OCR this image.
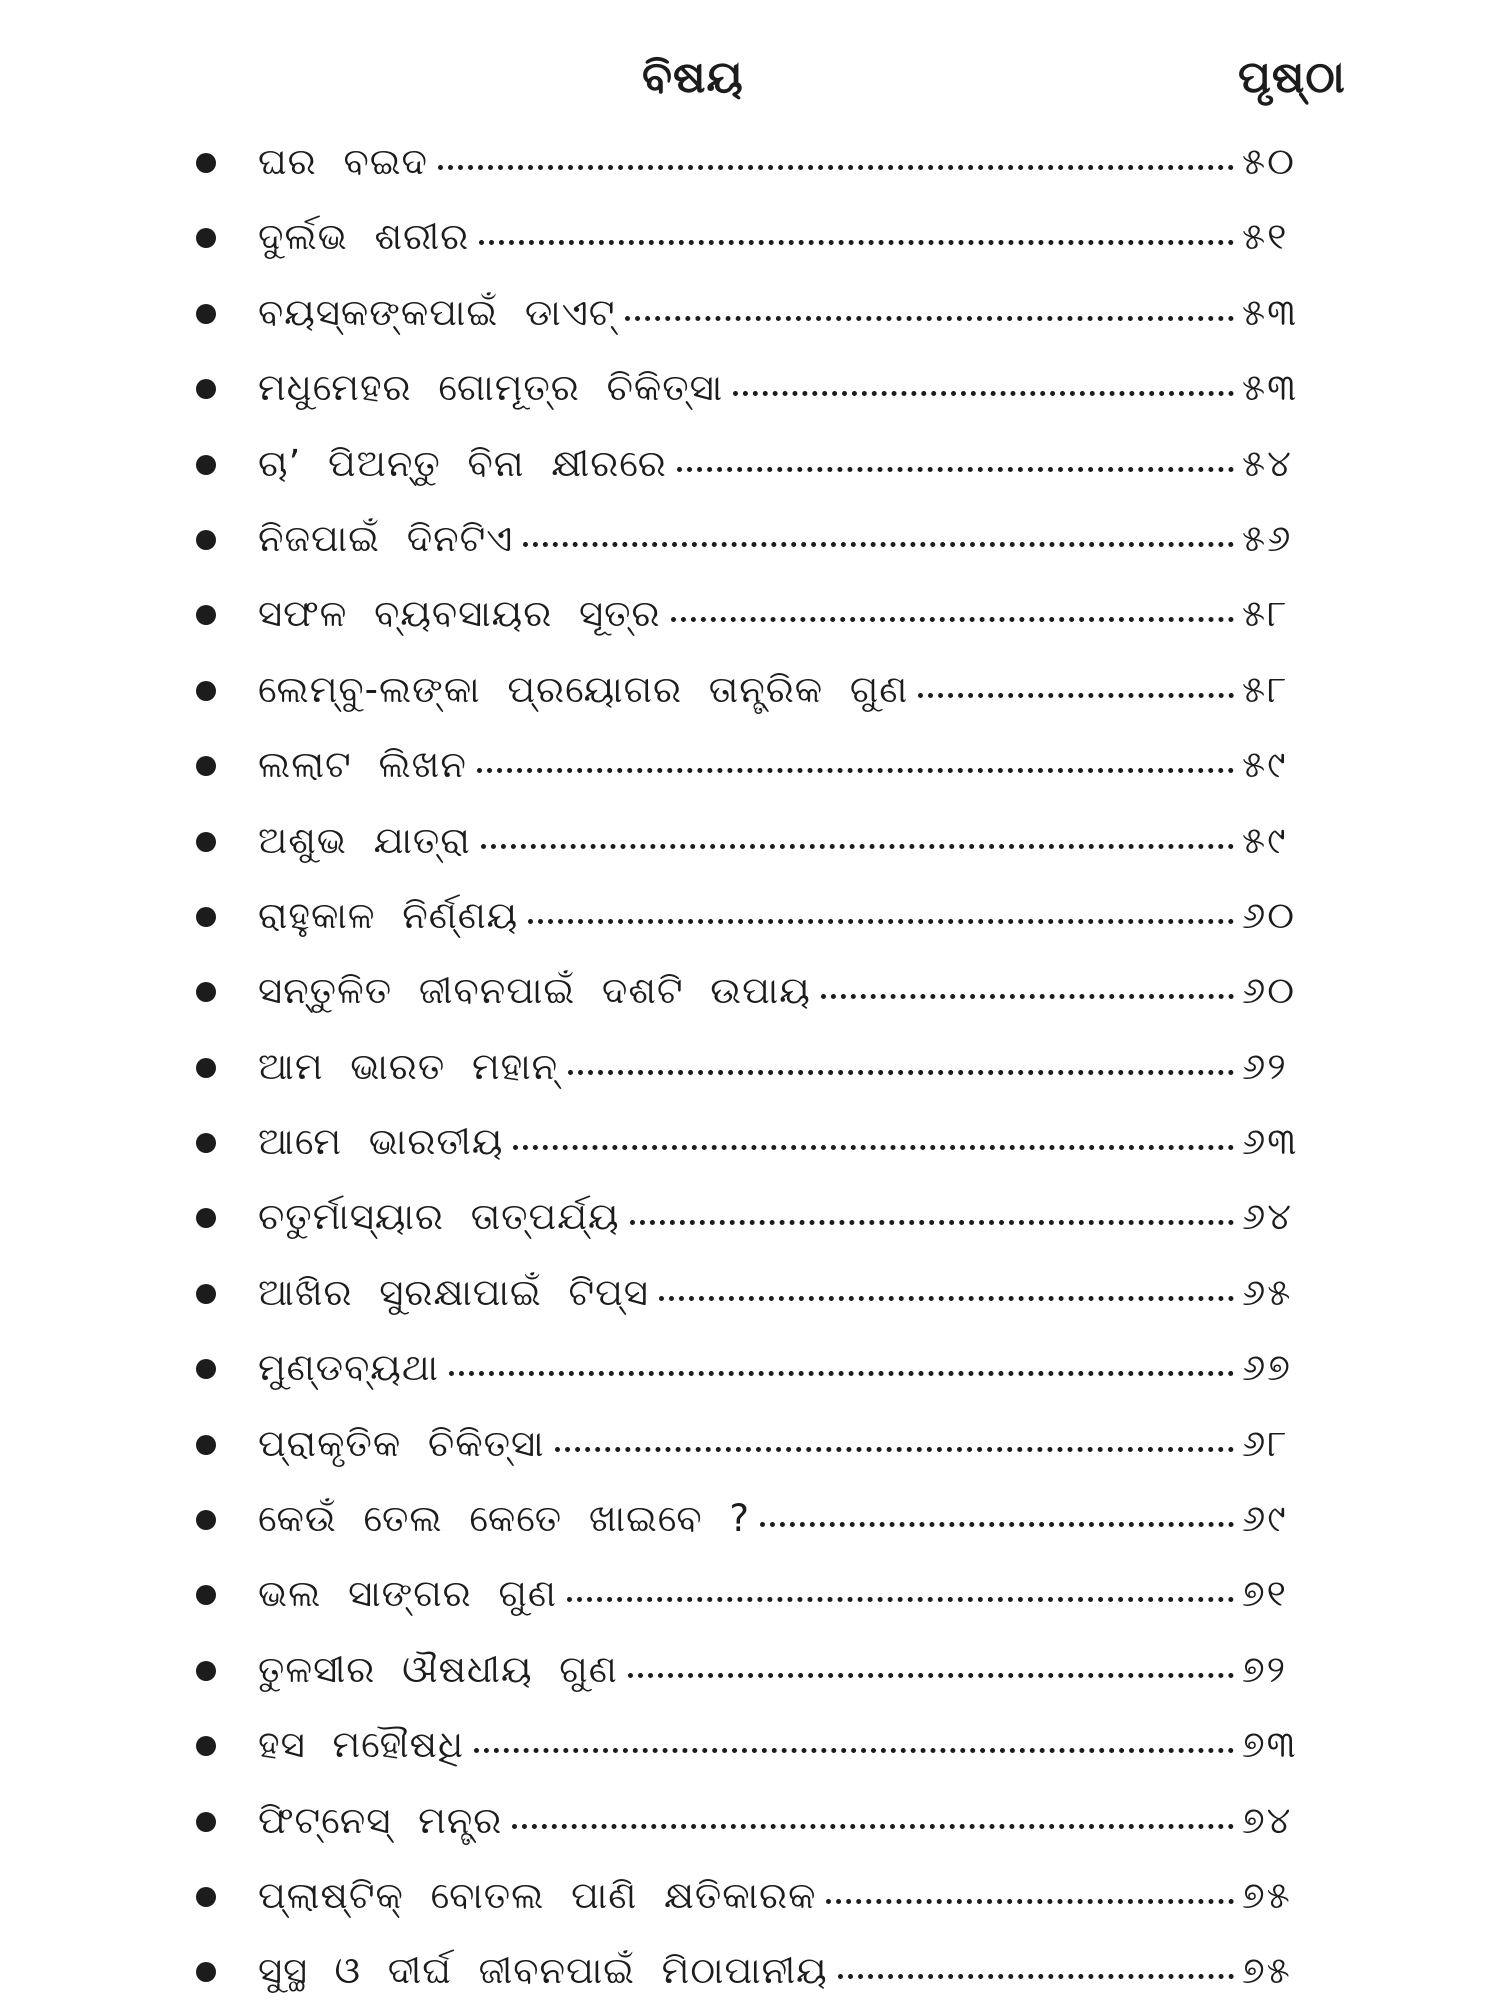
ବିଷୟ	ପୃଷ୍ଠା
ଘର ବଇଦ	୫୦
ଦୁର୍ଲଭ ଶରୀର	୫୧
ବୟସ୍କଙ୍କପାଇଁ ଡାଏଟ୍	୫୩
ମଧୁମେହର ଗୋମୂତ୍ର ଚିକିତ୍ସା	୫୩
ଚା’ ପିଅନ୍ତୁ ବିନା କ୍ଷୀରରେ	୫୪
ନିଜପାଇଁ ଦିନଟିଏ	୫୬
ସଫଳ ବ୍ୟବସାୟର ସୂତ୍ର	୫୮
ଲେମ୍ବୁ-ଲଙ୍କା ପ୍ରୟୋଗର ତାନ୍ତ୍ରିକ ଗୁଣ	୫୮
ଲଲାଟ ଲିଖନ	୫୯
ଅଶୁଭ ଯାତ୍ରା	୫୯
ରାହୁକାଳ ନିର୍ଣ୍ଣୟ	୬୦
ସନ୍ତୁଳିତ ଜୀବନପାଇଁ ଦଶଟି ଉପାୟ	୬୦
ଆମ ଭାରତ ମହାନ୍	୬୨
ଆମେ ଭାରତୀୟ	୬୩
ଚତୁର୍ମାସ୍ୟାର ତାତ୍ପର୍ଯ୍ୟ	୬୪
ଆଖିର ସୁରକ୍ଷାପାଇଁ ଟିପ୍ସ	୬୫
ମୁଣ୍ଡବ୍ୟଥା	୬୭
ପ୍ରାକୃତିକ ଚିକିତ୍ସା	୬୮
କେଉଁ ତେଲ କେତେ ଖାଇବେ ?	୬୯
ଭଲ ସାଙ୍ଗର ଗୁଣ	୭୧
ତୁଳସୀର ଔଷଧୀୟ ଗୁଣ	୭୨
ହସ ମହୌଷଧି	୭୩
ଫିଟ୍‌ନେସ୍ ମନ୍ତ୍ର	୭୪
ପ୍ଲାଷ୍ଟିକ୍ ବୋତଲ ପାଣି କ୍ଷତିକାରକ	୭୫
ସୁସ୍ଥ ଓ ଦୀର୍ଘ ଜୀବନପାଇଁ ମିଠାପାନୀୟ	୭୫
